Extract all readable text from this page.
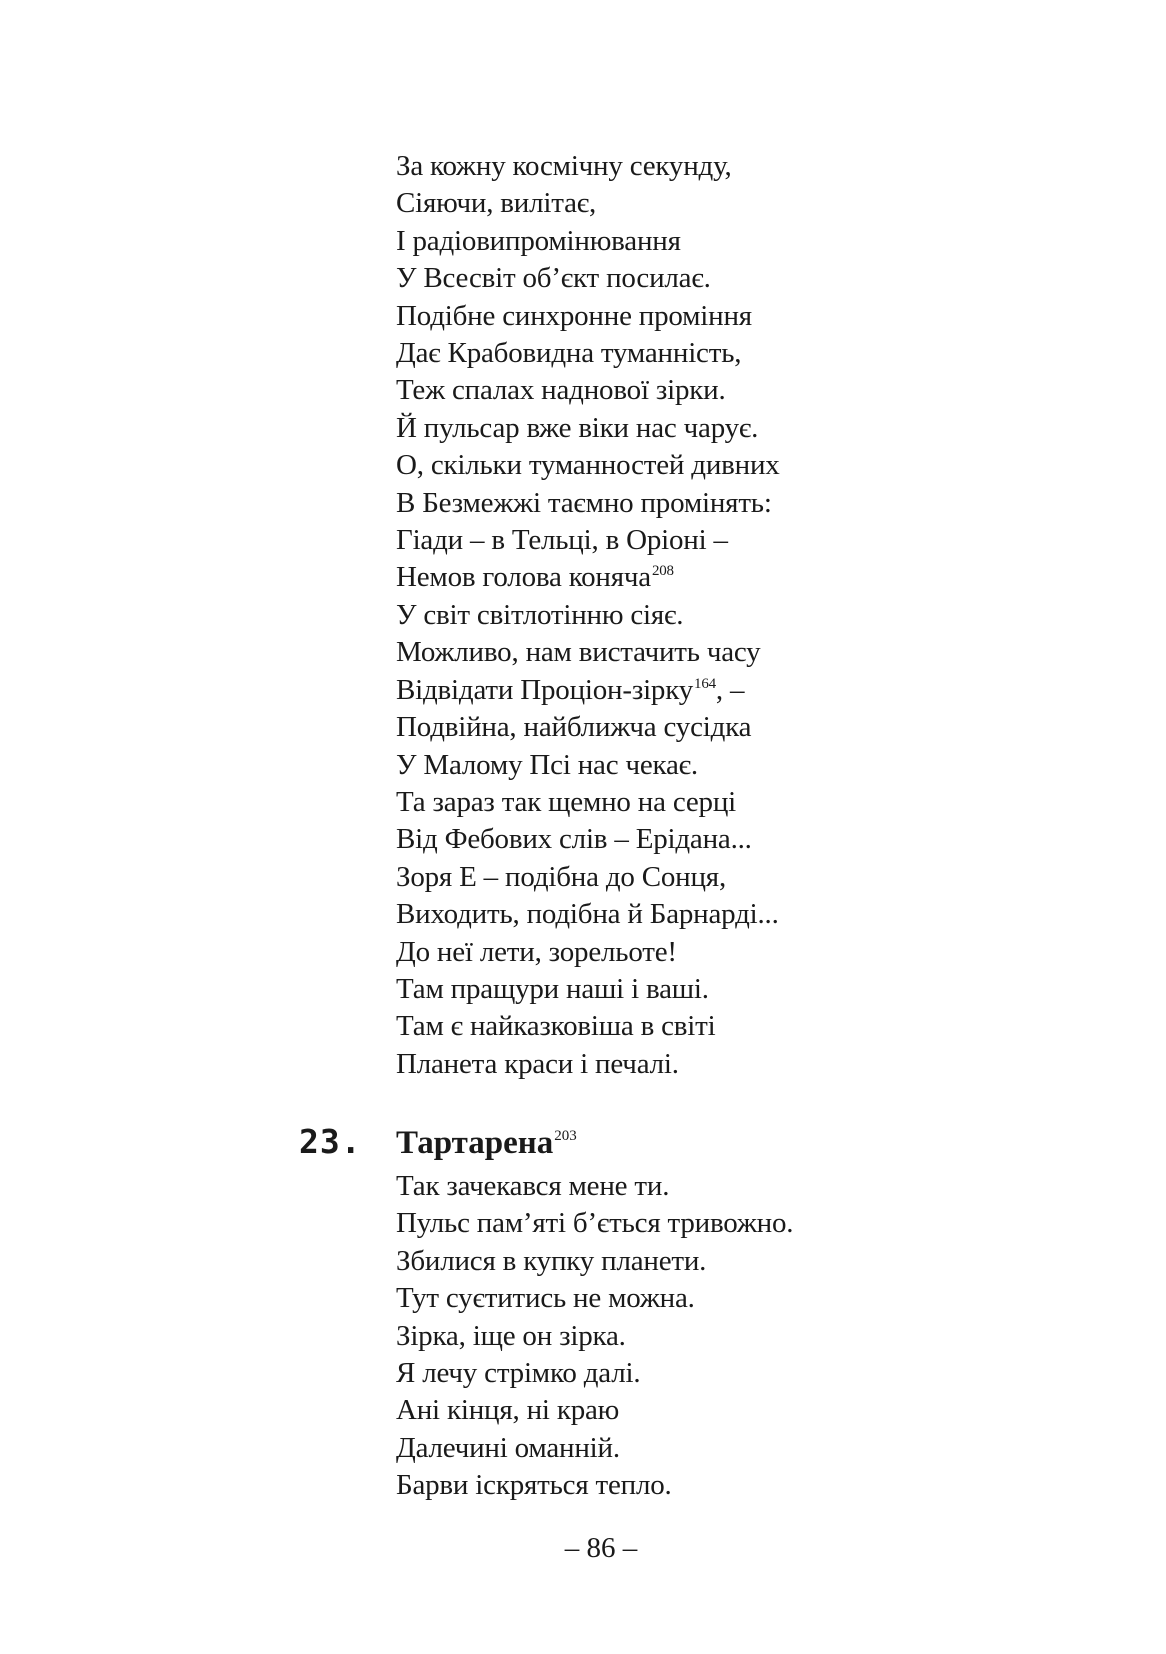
За кожну космічну секунду,
Сіяючи, вилітає,
І радіовипромінювання
У Всесвіт об’єкт посилає.
Подібне синхронне проміння
Дає Крабовидна туманність,
Теж спалах наднової зірки.
Й пульсар вже віки нас чарує.
О, скільки туманностей дивних
В Безмежжі таємно промінять:
Гіади – в Тельці, в Оріоні –
Немов голова коняча$^{208}$
У світ світлотінню сіяє.
Можливо, нам вистачить часу
Відвідати Проціон-зірку$^{164}$, –
Подвійна, найближча сусідка
У Малому Псі нас чекає.
Та зараз так щемно на серці
Від Фебових слів – Ерідана...
Зоря Е – подібна до Сонця,
Виходить, подібна й Барнарді...
До неї лети, зорельоте!
Там пращури наші і ваші.
Там є найказковіша в світі
Планета краси і печалі.
23.	Тартарена$^{203}$
Так зачекався мене ти.
Пульс пам’яті б’ється тривожно.
Збилися в купку планети.
Тут суєтитись не можна.
Зірка, іще он зірка.
Я лечу стрімко далі.
Ані кінця, ні краю
Далечині оманній.
Барви іскряться тепло.
– 86 –
